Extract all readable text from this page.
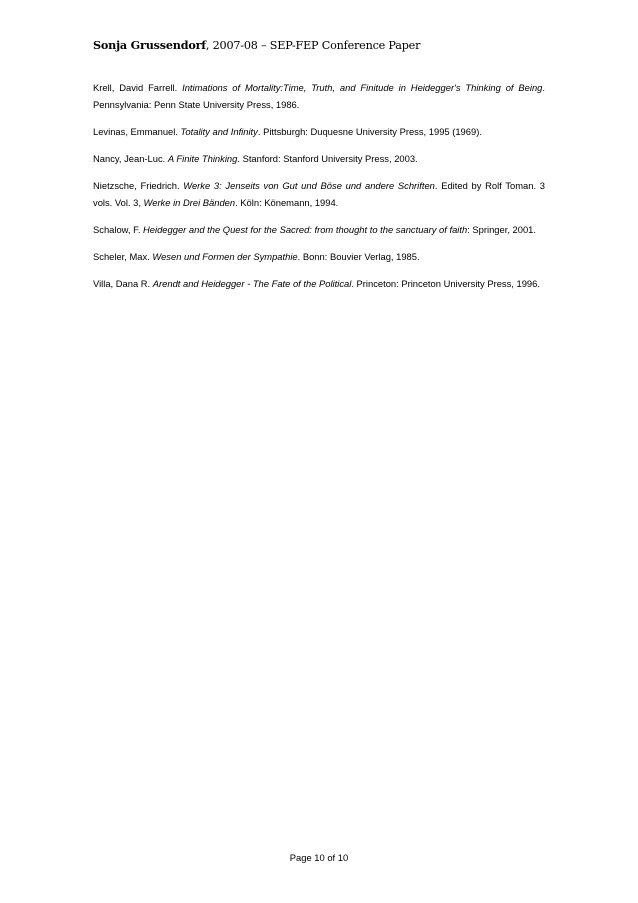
Sonja Grussendorf, 2007-08 – SEP-FEP Conference Paper

Krell, David Farrell. Intimations of Mortality:Time, Truth, and Finitude in Heidegger's Thinking of Being. Pennsylvania: Penn State University Press, 1986.

Levinas, Emmanuel. Totality and Infinity. Pittsburgh: Duquesne University Press, 1995 (1969).

Nancy, Jean-Luc. A Finite Thinking. Stanford: Stanford University Press, 2003.

Nietzsche, Friedrich. Werke 3: Jenseits von Gut und Böse und andere Schriften. Edited by Rolf Toman. 3 vols. Vol. 3, Werke in Drei Bänden. Köln: Könemann, 1994.

Schalow, F. Heidegger and the Quest for the Sacred: from thought to the sanctuary of faith: Springer, 2001.

Scheler, Max. Wesen und Formen der Sympathie. Bonn: Bouvier Verlag, 1985.

Villa, Dana R. Arendt and Heidegger - The Fate of the Political. Princeton: Princeton University Press, 1996.

Page 10 of 10
